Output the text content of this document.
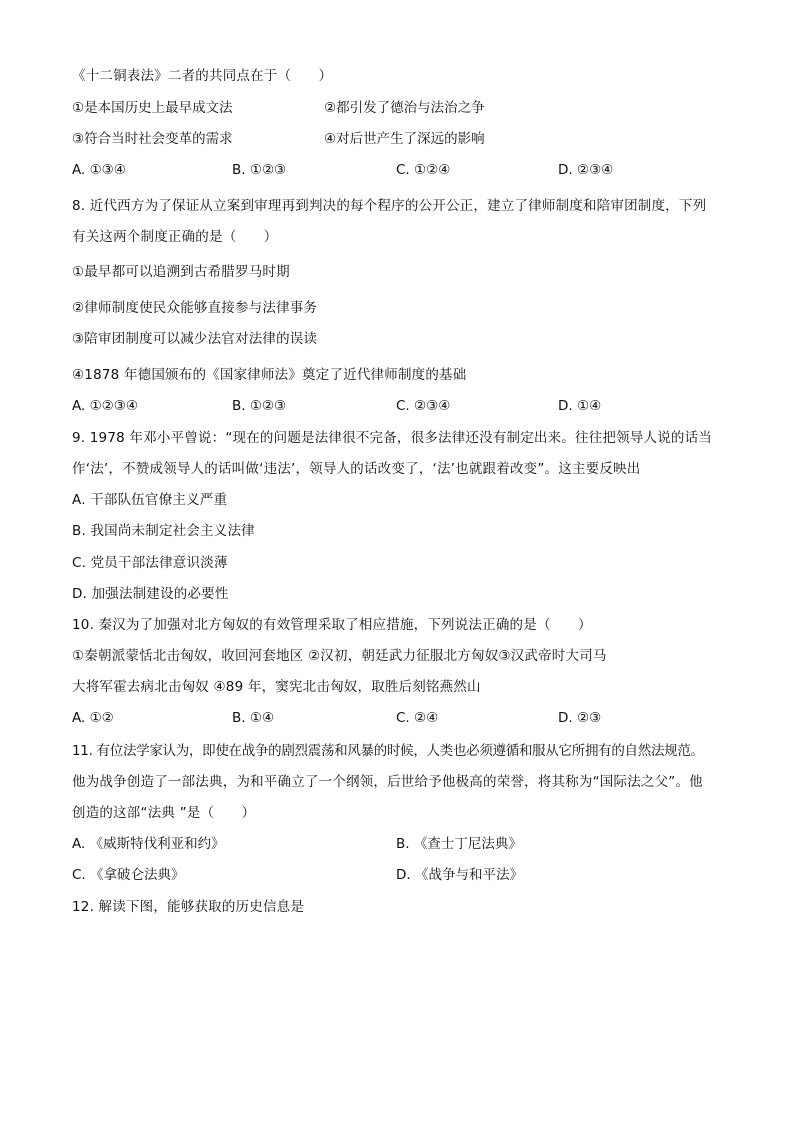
《十二铜表法》二者的共同点在于（　　）
①是本国历史上最早成文法	②都引发了德治与法治之争
③符合当时社会变革的需求	④对后世产生了深远的影响
A. ①③④	B. ①②③	C. ①②④	D. ②③④
8. 近代西方为了保证从立案到审理再到判决的每个程序的公开公正，建立了律师制度和陪审团制度，下列
有关这两个制度正确的是（　　）
①最早都可以追溯到古希腊罗马时期
②律师制度使民众能够直接参与法律事务
③陪审团制度可以减少法官对法律的误读
④1878 年德国颁布的《国家律师法》奠定了近代律师制度的基础
A. ①②③④	B. ①②③	C. ②③④	D. ①④
9. 1978 年邓小平曾说：“现在的问题是法律很不完备，很多法律还没有制定出来。往往把领导人说的话当
作‘法’，不赞成领导人的话叫做‘违法’，领导人的话改变了，‘法’也就跟着改变”。这主要反映出
A. 干部队伍官僚主义严重
B. 我国尚未制定社会主义法律
C. 党员干部法律意识淡薄
D. 加强法制建设的必要性
10. 秦汉为了加强对北方匈奴的有效管理采取了相应措施，下列说法正确的是（　　）
①秦朝派蒙恬北击匈奴，收回河套地区 ②汉初，朝廷武力征服北方匈奴③汉武帝时大司马
大将军霍去病北击匈奴 ④89 年，窦宪北击匈奴，取胜后刻铭燕然山
A. ①②	B. ①④	C. ②④	D. ②③
11. 有位法学家认为，即使在战争的剧烈震荡和风暴的时候，人类也必须遵循和服从它所拥有的自然法规范。
他为战争创造了一部法典，为和平确立了一个纲领，后世给予他极高的荣誉，将其称为“国际法之父”。他
创造的这部“法典 ”是（　　）
A. 《威斯特伐利亚和约》	B. 《查士丁尼法典》
C. 《拿破仑法典》	D. 《战争与和平法》
12. 解读下图，能够获取的历史信息是
